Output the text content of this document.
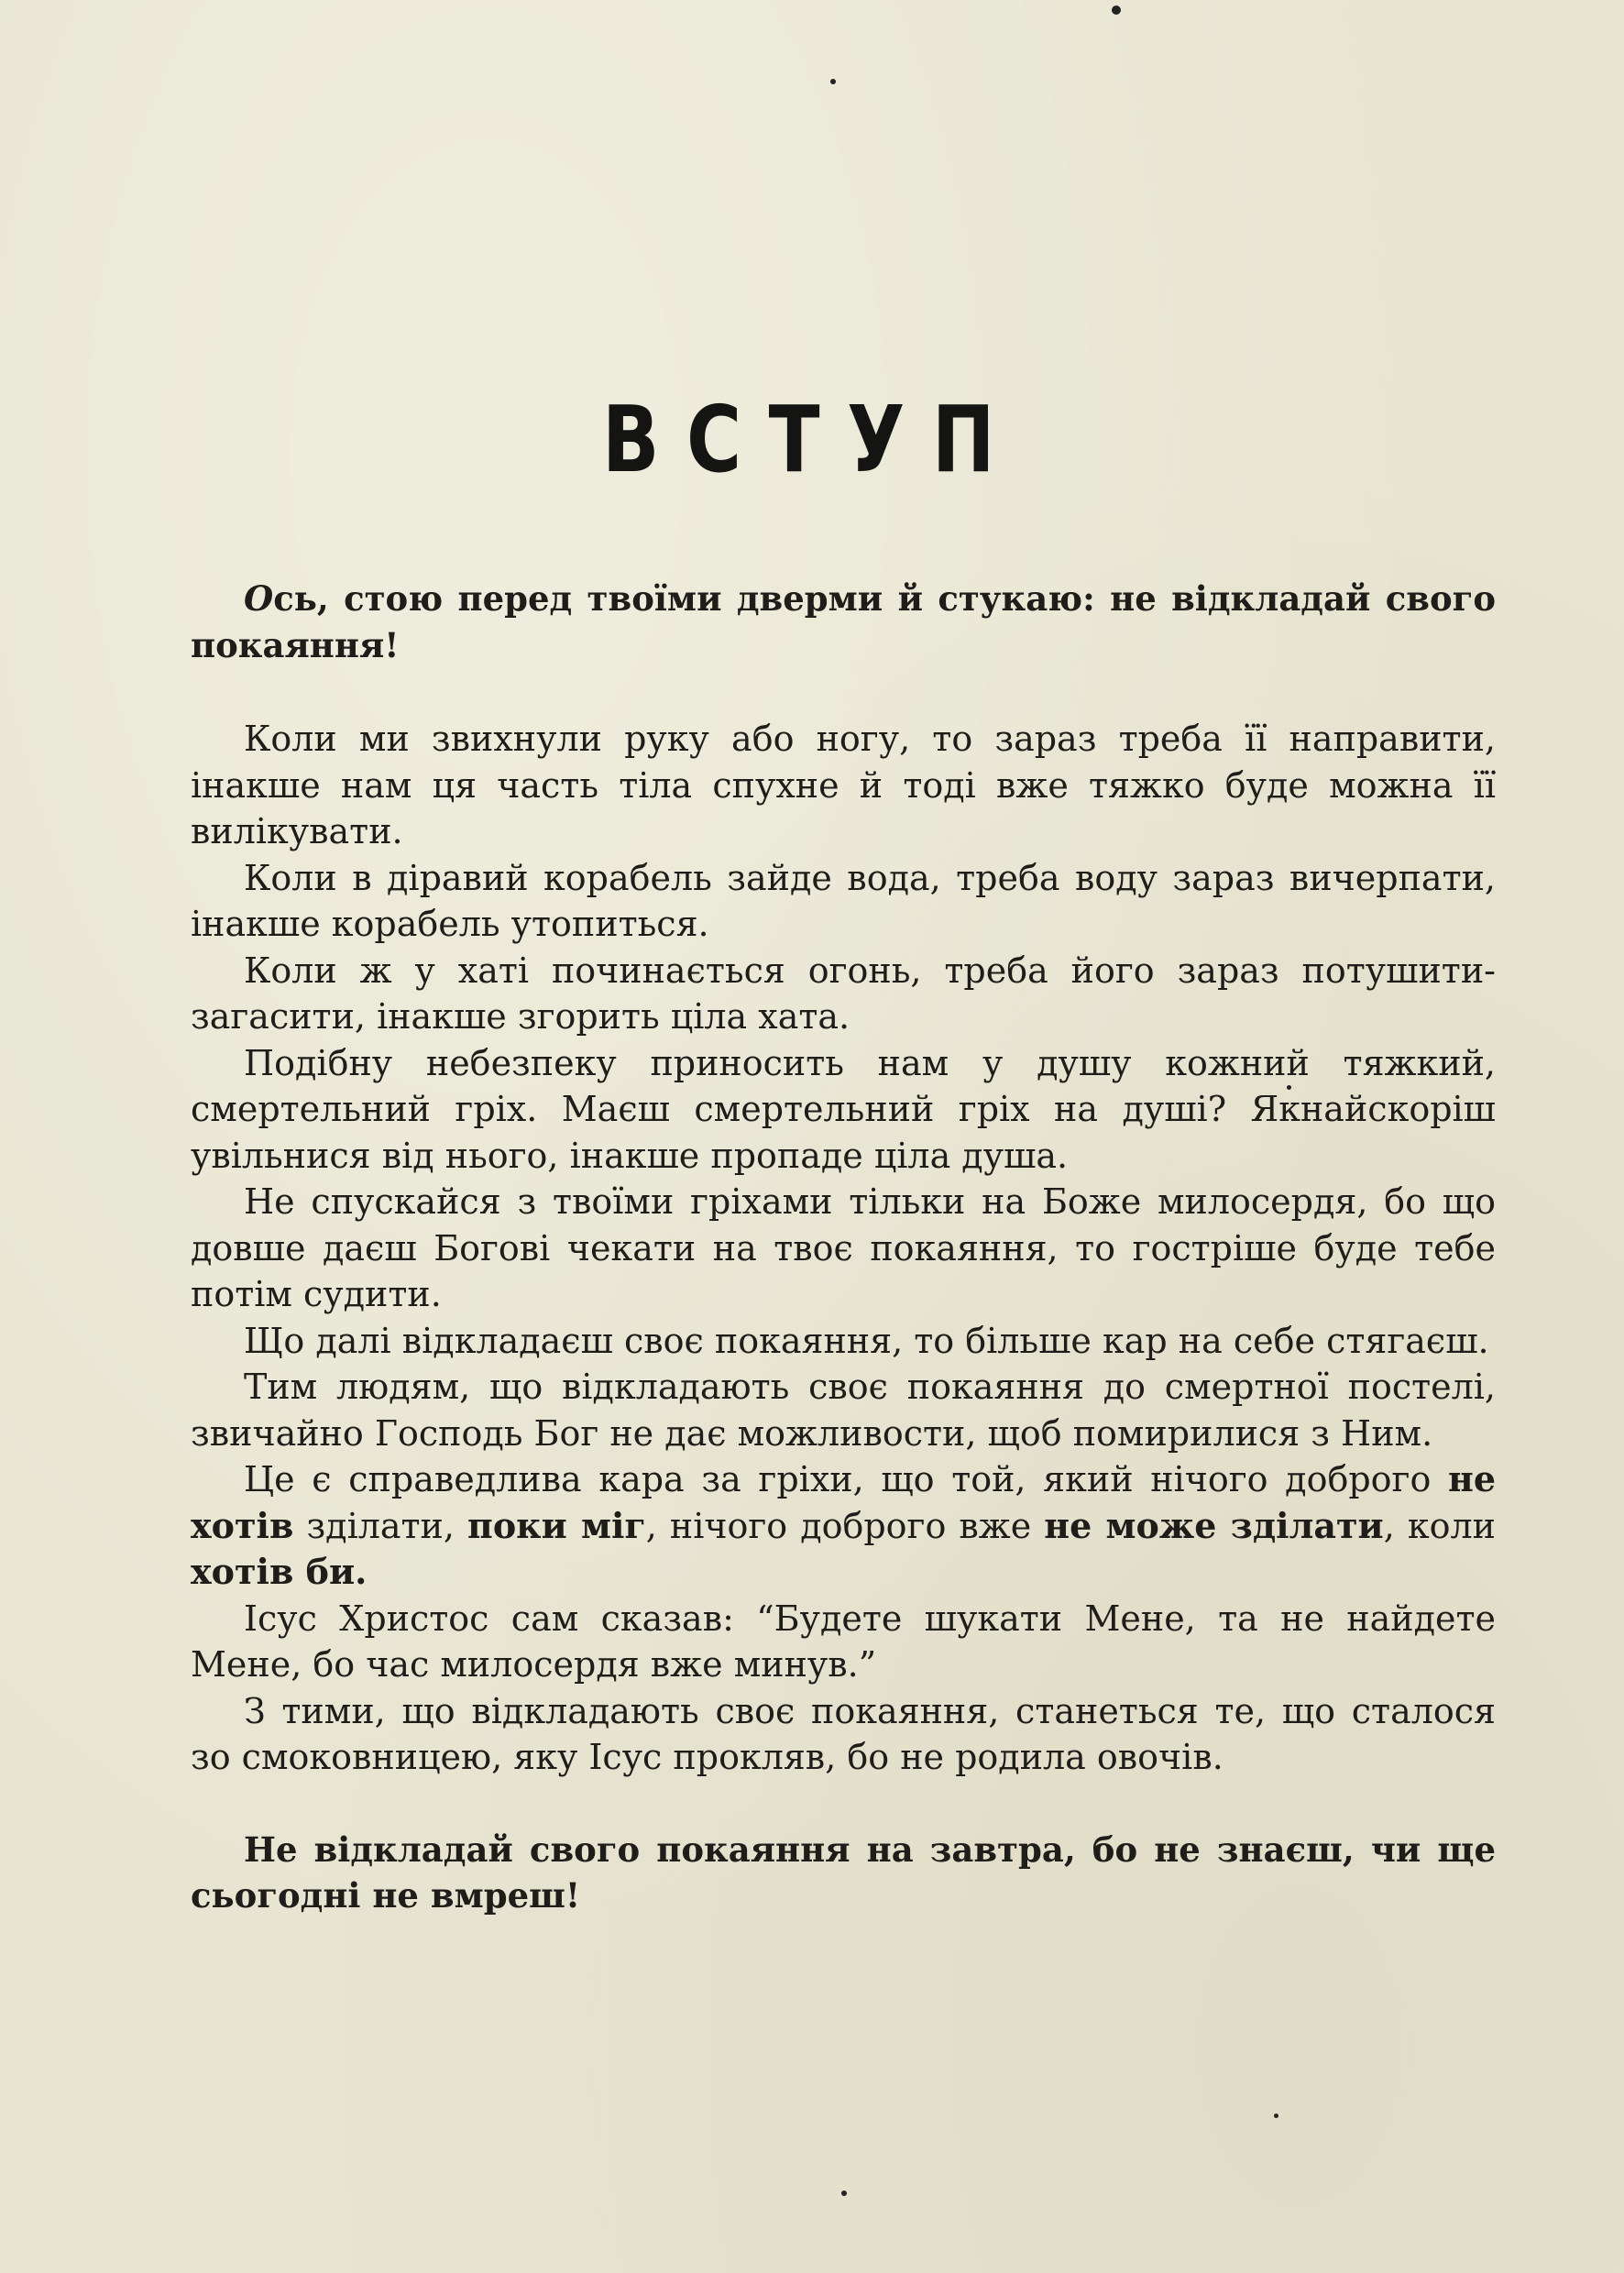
ВСТУП

Ось, стою перед твоїми дверми й стукаю: не відкладай свого покаяння!

Коли ми звихнули руку або ногу, то зараз треба її направити, інакше нам ця часть тіла спухне й тоді вже тяжко буде можна її вилікувати.

Коли в діравий корабель зайде вода, треба воду зараз вичерпати, інакше корабель утопиться.

Коли ж у хаті починається огонь, треба його зараз потушити-загасити, інакше згорить ціла хата.

Подібну небезпеку приносить нам у душу кожний тяжкий, смертельний гріх. Маєш смертельний гріх на душі? Якнайскоріш увільнися від нього, інакше пропаде ціла душа.

Не спускайся з твоїми гріхами тільки на Боже милосердя, бо що довше даєш Богові чекати на твоє покаяння, то гостріше буде тебе потім судити.

Що далі відкладаєш своє покаяння, то більше кар на себе стягаєш.

Тим людям, що відкладають своє покаяння до смертної постелі, звичайно Господь Бог не дає можливости, щоб помирилися з Ним.

Це є справедлива кара за гріхи, що той, який нічого доброго не хотів зділати, поки міг, нічого доброго вже не може зділати, коли хотів би.

Ісус Христос сам сказав: “Будете шукати Мене, та не найдете Мене, бо час милосердя вже минув.”

З тими, що відкладають своє покаяння, станеться те, що сталося зо смоковницею, яку Ісус прокляв, бо не родила овочів.

Не відкладай свого покаяння на завтра, бо не знаєш, чи ще сьогодні не вмреш!
